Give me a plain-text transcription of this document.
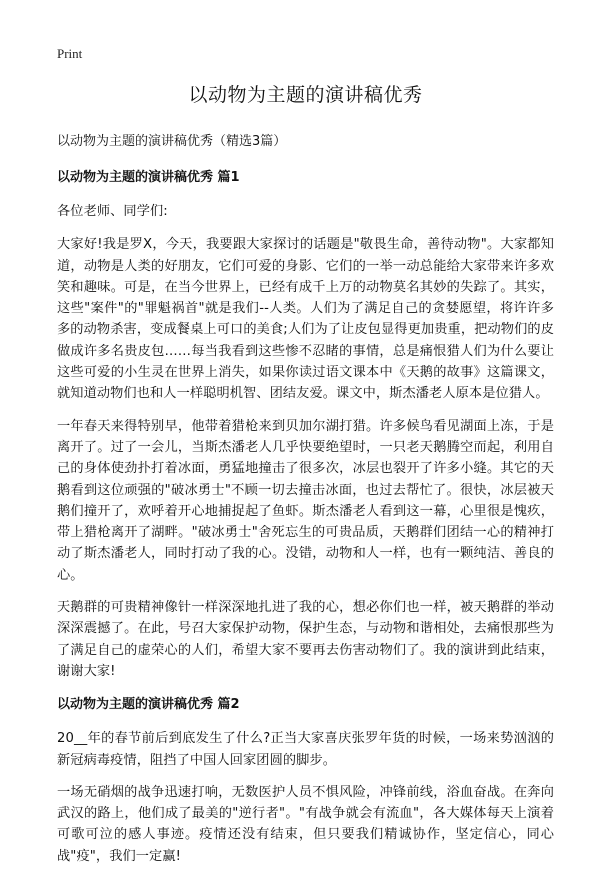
Print
以动物为主题的演讲稿优秀

以动物为主题的演讲稿优秀（精选3篇）

以动物为主题的演讲稿优秀 篇1

各位老师、同学们:

大家好!我是罗X，今天，我要跟大家探讨的话题是"敬畏生命，善待动物"。大家都知道，动物是人类的好朋友，它们可爱的身影、它们的一举一动总能给大家带来许多欢笑和趣味。可是，在当今世界上，已经有成千上万的动物莫名其妙的失踪了。其实，这些"案件"的"罪魁祸首"就是我们--人类。人们为了满足自己的贪婪愿望，将许许多多的动物杀害，变成餐桌上可口的美食;人们为了让皮包显得更加贵重，把动物们的皮做成许多名贵皮包……每当我看到这些惨不忍睹的事情，总是痛恨猎人们为什么要让这些可爱的小生灵在世界上消失，如果你读过语文课本中《天鹅的故事》这篇课文，就知道动物们也和人一样聪明机智、团结友爱。课文中，斯杰潘老人原本是位猎人。

一年春天来得特别早，他带着猎枪来到贝加尔湖打猎。许多候鸟看见湖面上冻，于是离开了。过了一会儿，当斯杰潘老人几乎快要绝望时，一只老天鹅腾空而起，利用自己的身体使劲扑打着冰面，勇猛地撞击了很多次，冰层也裂开了许多小缝。其它的天鹅看到这位顽强的"破冰勇士"不顾一切去撞击冰面，也过去帮忙了。很快，冰层被天鹅们撞开了，欢呼着开心地捕捉起了鱼虾。斯杰潘老人看到这一幕，心里很是愧疚，带上猎枪离开了湖畔。"破冰勇士"舍死忘生的可贵品质，天鹅群们团结一心的精神打动了斯杰潘老人，同时打动了我的心。没错，动物和人一样，也有一颗纯洁、善良的心。

天鹅群的可贵精神像针一样深深地扎进了我的心，想必你们也一样，被天鹅群的举动深深震撼了。在此，号召大家保护动物，保护生态，与动物和谐相处，去痛恨那些为了满足自己的虚荣心的人们，希望大家不要再去伤害动物们了。我的演讲到此结束，谢谢大家!

以动物为主题的演讲稿优秀 篇2

20__年的春节前后到底发生了什么?正当大家喜庆张罗年货的时候，一场来势汹汹的新冠病毒疫情，阻挡了中国人回家团圆的脚步。

一场无硝烟的战争迅速打响，无数医护人员不惧风险，冲锋前线，浴血奋战。在奔向武汉的路上，他们成了最美的"逆行者"。"有战争就会有流血"，各大媒体每天上演着可歌可泣的感人事迹。疫情还没有结束，但只要我们精诚协作，坚定信心，同心战"疫"，我们一定赢!
